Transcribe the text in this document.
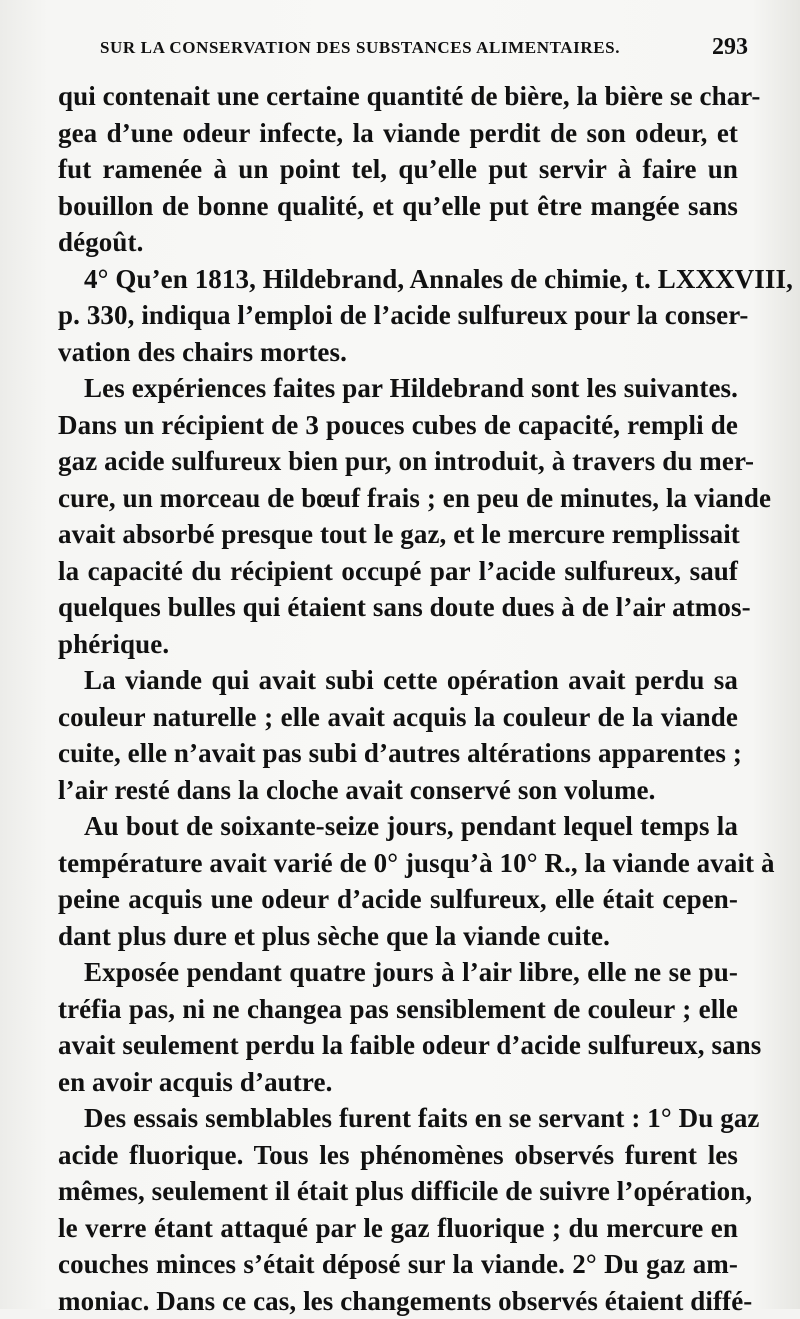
SUR LA CONSERVATION DES SUBSTANCES ALIMENTAIRES.	293
qui contenait une certaine quantité de bière, la bière se char-
gea d’une odeur infecte, la viande perdit de son odeur, et
fut ramenée à un point tel, qu’elle put servir à faire un
bouillon de bonne qualité, et qu’elle put être mangée sans
dégoût.
4° Qu’en 1813, Hildebrand, Annales de chimie, t. LXXXVIII,
p. 330, indiqua l’emploi de l’acide sulfureux pour la conser-
vation des chairs mortes.
Les expériences faites par Hildebrand sont les suivantes.
Dans un récipient de 3 pouces cubes de capacité, rempli de
gaz acide sulfureux bien pur, on introduit, à travers du mer-
cure, un morceau de bœuf frais ; en peu de minutes, la viande
avait absorbé presque tout le gaz, et le mercure remplissait
la capacité du récipient occupé par l’acide sulfureux, sauf
quelques bulles qui étaient sans doute dues à de l’air atmos-
phérique.
La viande qui avait subi cette opération avait perdu sa
couleur naturelle ; elle avait acquis la couleur de la viande
cuite, elle n’avait pas subi d’autres altérations apparentes ;
l’air resté dans la cloche avait conservé son volume.
Au bout de soixante-seize jours, pendant lequel temps la
température avait varié de 0° jusqu’à 10° R., la viande avait à
peine acquis une odeur d’acide sulfureux, elle était cepen-
dant plus dure et plus sèche que la viande cuite.
Exposée pendant quatre jours à l’air libre, elle ne se pu-
tréfia pas, ni ne changea pas sensiblement de couleur ; elle
avait seulement perdu la faible odeur d’acide sulfureux, sans
en avoir acquis d’autre.
Des essais semblables furent faits en se servant : 1° Du gaz
acide fluorique. Tous les phénomènes observés furent les
mêmes, seulement il était plus difficile de suivre l’opération,
le verre étant attaqué par le gaz fluorique ; du mercure en
couches minces s’était déposé sur la viande. 2° Du gaz am-
moniac. Dans ce cas, les changements observés étaient diffé-
